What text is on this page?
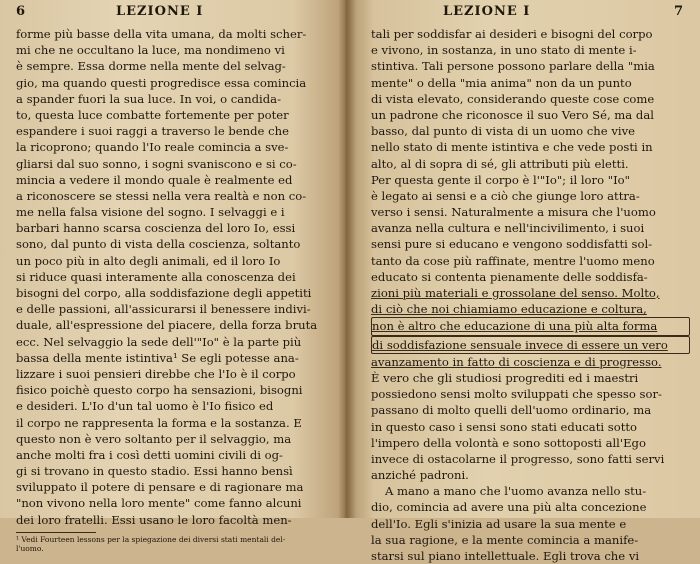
6	LEZIONE I
forme più basse della vita umana, da molti scher-
mi che ne occultano la luce, ma nondimeno vi
è sempre. Essa dorme nella mente del selvag-
gio, ma quando questi progredisce essa comincia
a spander fuori la sua luce. In voi, o candida-
to, questa luce combatte fortemente per poter
espandere i suoi raggi a traverso le bende che
la ricoprono; quando l'Io reale comincia a sve-
gliarsi dal suo sonno, i sogni svaniscono e si co-
mincia a vedere il mondo quale è realmente ed
a riconoscere se stessi nella vera realtà e non co-
me nella falsa visione del sogno. I selvaggi e i
barbari hanno scarsa coscienza del loro Io, essi
sono, dal punto di vista della coscienza, soltanto
un poco più in alto degli animali, ed il loro Io
si riduce quasi interamente alla conoscenza dei
bisogni del corpo, alla soddisfazione degli appetiti
e delle passioni, all'assicurarsi il benessere indivi-
duale, all'espressione del piacere, della forza bruta
ecc. Nel selvaggio la sede dell'"Io" è la parte più
bassa della mente istintiva¹ Se egli potesse ana-
lizzare i suoi pensieri direbbe che l'Io è il corpo
fisico poichè questo corpo ha sensazioni, bisogni
e desideri. L'Io d'un tal uomo è l'Io fisico ed
il corpo ne rappresenta la forma e la sostanza. E
questo non è vero soltanto per il selvaggio, ma
anche molti fra i così detti uomini civili di og-
gi si trovano in questo stadio. Essi hanno bensì
sviluppato il potere di pensare e di ragionare ma
"non vivono nella loro mente" come fanno alcuni
dei loro fratelli. Essi usano le loro facoltà men-
¹ Vedi Fourteen lessons per la spiegazione dei diversi stati mentali del-
l'uomo.
LEZIONE I	7
tali per soddisfar ai desideri e bisogni del corpo
e vivono, in sostanza, in uno stato di mente i-
stintiva. Tali persone possono parlare della "mia
mente" o della "mia anima" non da un punto
di vista elevato, considerando queste cose come
un padrone che riconosce il suo Vero Sé, ma dal
basso, dal punto di vista di un uomo che vive
nello stato di mente istintiva e che vede posti in
alto, al di sopra di sé, gli attributi più eletti.
Per questa gente il corpo è l'"Io"; il loro "Io"
è legato ai sensi e a ciò che giunge loro attra-
verso i sensi. Naturalmente a misura che l'uomo
avanza nella cultura e nell'incivilimento, i suoi
sensi pure si educano e vengono soddisfatti sol-
tanto da cose più raffinate, mentre l'uomo meno
educato si contenta pienamente delle soddisfa-
zioni più materiali e grossolane del senso. Molto,
di ciò che noi chiamiamo educazione e coltura,
non è altro che educazione di una più alta forma
di soddisfazione sensuale invece di essere un vero
avanzamento in fatto di coscienza e di progresso.
È vero che gli studiosi progrediti ed i maestri
possiedono sensi molto sviluppati che spesso sor-
passano di molto quelli dell'uomo ordinario, ma
in questo caso i sensi sono stati educati sotto
l'impero della volontà e sono sottoposti all'Ego
invece di ostacolarne il progresso, sono fatti servi
anziché padroni.
A mano a mano che l'uomo avanza nello stu-
dio, comincia ad avere una più alta concezione
dell'Io. Egli s'inizia ad usare la sua mente e
la sua ragione, e la mente comincia a manife-
starsi sul piano intellettuale. Egli trova che vi
